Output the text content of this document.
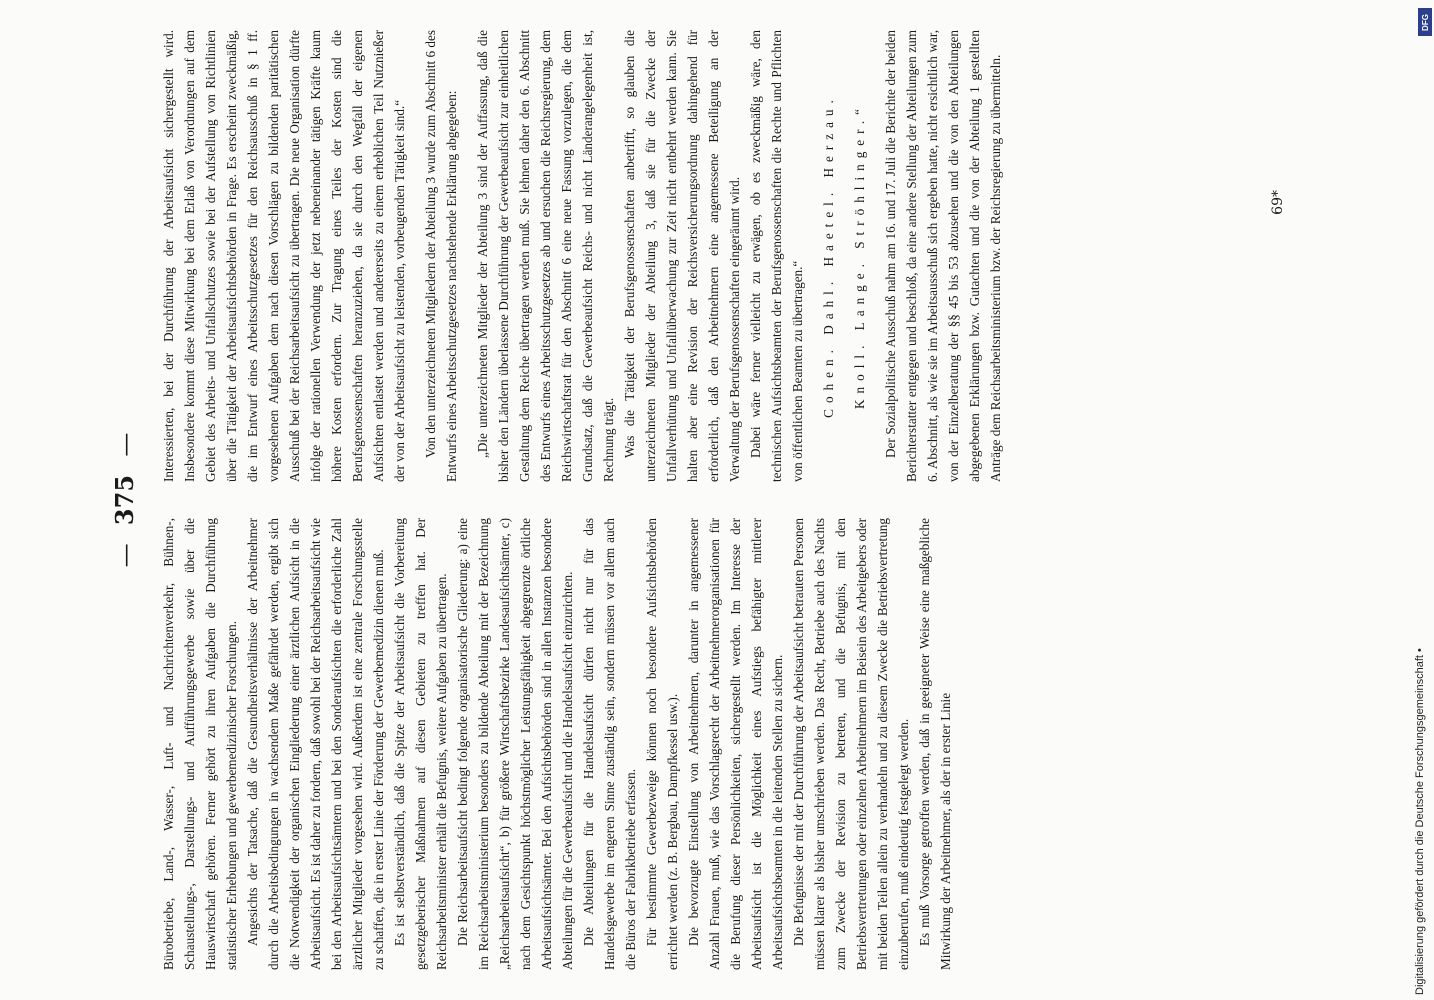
— 375 —

Bürobetriebe, Land-, Wasser-, Luft- und Nachrichtenverkehr, Bühnen-, Schaustellungs-, Darstellungs- und Aufführungsgewerbe sowie über die Hauswirtschaft gehören. Ferner gehört zu ihren Aufgaben die Durchführung statistischer Erhebungen und gewerbemedizinischer Forschungen. Angesichts der Tatsache, daß die Gesundheitsverhältnisse der Arbeitnehmer durch die Arbeitsbedingungen in wachsendem Maße gefährdet werden, ergibt sich die Notwendigkeit der organischen Eingliederung einer ärztlichen Aufsicht in die Arbeitsaufsicht. Es ist daher zu fordern, daß sowohl bei der Reichsarbeitsaufsicht wie bei den Arbeitsaufsichtsämtern und bei den Sonderaufsichten die erforderliche Zahl ärztlicher Mitglieder vorgesehen wird. Außerdem ist eine zentrale Forschungsstelle zu schaffen, die in erster Linie der Förderung der Gewerbemedizin dienen muß. Es ist selbstverständlich, daß die Spitze der Arbeitsaufsicht die Vorbereitung gesetzgeberischer Maßnahmen auf diesen Gebieten zu treffen hat. Der Reichsarbeitsminister erhält die Befugnis, weitere Aufgaben zu übertragen. Die Reichsarbeitsaufsicht bedingt folgende organisatorische Gliederung: a) eine im Reichsarbeitsministerium besonders zu bildende Abteilung mit der Bezeichnung „Reichsarbeitsaufsicht“, b) für größere Wirtschaftsbezirke Landesaufsichtsämter, c) nach dem Gesichtspunkt höchstmöglicher Leistungsfähigkeit abgegrenzte örtliche Arbeitsaufsichtsämter. Bei den Aufsichtsbehörden sind in allen Instanzen besondere Abteilungen für die Gewerbeaufsicht und die Handelsaufsicht einzurichten. Die Abteilungen für die Handelsaufsicht dürfen nicht nur für das Handelsgewerbe im engeren Sinne zuständig sein, sondern müssen vor allem auch die Büros der Fabrikbetriebe erfassen. Für bestimmte Gewerbezweige können noch besondere Aufsichtsbehörden errichtet werden (z. B. Bergbau, Dampfkessel usw.). Die bevorzugte Einstellung von Arbeitnehmern, darunter in angemessener Anzahl Frauen, muß, wie das Vorschlagsrecht der Arbeitnehmerorganisationen für die Berufung dieser Persönlichkeiten, sichergestellt werden. Im Interesse der Arbeitsaufsicht ist die Möglichkeit eines Aufstiegs befähigter mittlerer Arbeitsaufsichtsbeamten in die leitenden Stellen zu sichern. Die Befugnisse der mit der Durchführung der Arbeitsaufsicht betrauten Personen müssen klarer als bisher umschrieben werden. Das Recht, Betriebe auch des Nachts zum Zwecke der Revision zu betreten, und die Befugnis, mit den Betriebsvertretungen oder einzelnen Arbeitnehmern im Beisein des Arbeitgebers oder mit beiden Teilen allein zu verhandeln und zu diesem Zwecke die Betriebsvertretung einzuberufen, muß eindeutig festgelegt werden. Es muß Vorsorge getroffen werden, daß in geeigneter Weise eine maßgebliche Mitwirkung der Arbeitnehmer, als der in erster Linie

Interessierten, bei der Durchführung der Arbeitsaufsicht sichergestellt wird. Insbesondere kommt diese Mitwirkung bei dem Erlaß von Verordnungen auf dem Gebiet des Arbeits- und Unfallschutzes sowie bei der Aufstellung von Richtlinien über die Tätigkeit der Arbeitsaufsichtsbehörden in Frage. Es erscheint zweckmäßig, die im Entwurf eines Arbeitsschutzgesetzes für den Reichsausschuß in § 1 ff. vorgesehenen Aufgaben dem nach diesen Vorschlägen zu bildenden paritätischen Ausschuß bei der Reichsarbeitsaufsicht zu übertragen. Die neue Organisation dürfte infolge der rationellen Verwendung der jetzt nebeneinander tätigen Kräfte kaum höhere Kosten erfordern. Zur Tragung eines Teiles der Kosten sind die Berufsgenossenschaften heranzuziehen, da sie durch den Wegfall der eigenen Aufsichten entlastet werden und andererseits zu einem erheblichen Teil Nutznießer der von der Arbeitsaufsicht zu leistenden, vorbeugenden Tätigkeit sind.“ Von den unterzeichneten Mitgliedern der Abteilung 3 wurde zum Abschnitt 6 des Entwurfs eines Arbeitsschutzgesetzes nachstehende Erklärung abgegeben: „Die unterzeichneten Mitglieder der Abteilung 3 sind der Auffassung, daß die bisher den Ländern überlassene Durchführung der Gewerbeaufsicht zur einheitlichen Gestaltung dem Reiche übertragen werden muß. Sie lehnen daher den 6. Abschnitt des Entwurfs eines Arbeitsschutzgesetzes ab und ersuchen die Reichsregierung, dem Reichswirtschaftsrat für den Abschnitt 6 eine neue Fassung vorzulegen, die dem Grundsatz, daß die Gewerbeaufsicht Reichs- und nicht Länderangelegenheit ist, Rechnung trägt. Was die Tätigkeit der Berufsgenossenschaften anbetrifft, so glauben die unterzeichneten Mitglieder der Abteilung 3, daß sie für die Zwecke der Unfallverhütung und Unfallüberwachung zur Zeit nicht entbehrt werden kann. Sie halten aber eine Revision der Reichsversicherungsordnung dahingehend für erforderlich, daß den Arbeitnehmern eine angemessene Beteiligung an der Verwaltung der Berufsgenossenschaften eingeräumt wird. Dabei wäre ferner vielleicht zu erwägen, ob es zweckmäßig wäre, den technischen Aufsichtsbeamten der Berufsgenossenschaften die Rechte und Pflichten von öffentlichen Beamten zu übertragen.“ Cohen. Dahl. Haetel. Herzau. Knoll. Lange. Ströhlinger.“ Der Sozialpolitische Ausschuß nahm am 16. und 17. Juli die Berichte der beiden Berichterstatter entgegen und beschloß, da eine andere Stellung der Abteilungen zum 6. Abschnitt, als wie sie im Arbeitsausschuß sich ergeben hatte, nicht ersichtlich war, von der Einzelberatung der §§ 45 bis 53 abzusehen und die von den Abteilungen abgegebenen Erklärungen bzw. Gutachten und die von der Abteilung 1 gestellten Anträge dem Reichsarbeitsministerium bzw. der Reichsregierung zu übermitteln.	69*
Digitalisierung gefördert durch die Deutsche Forschungsgemeinschaft •
DFG
